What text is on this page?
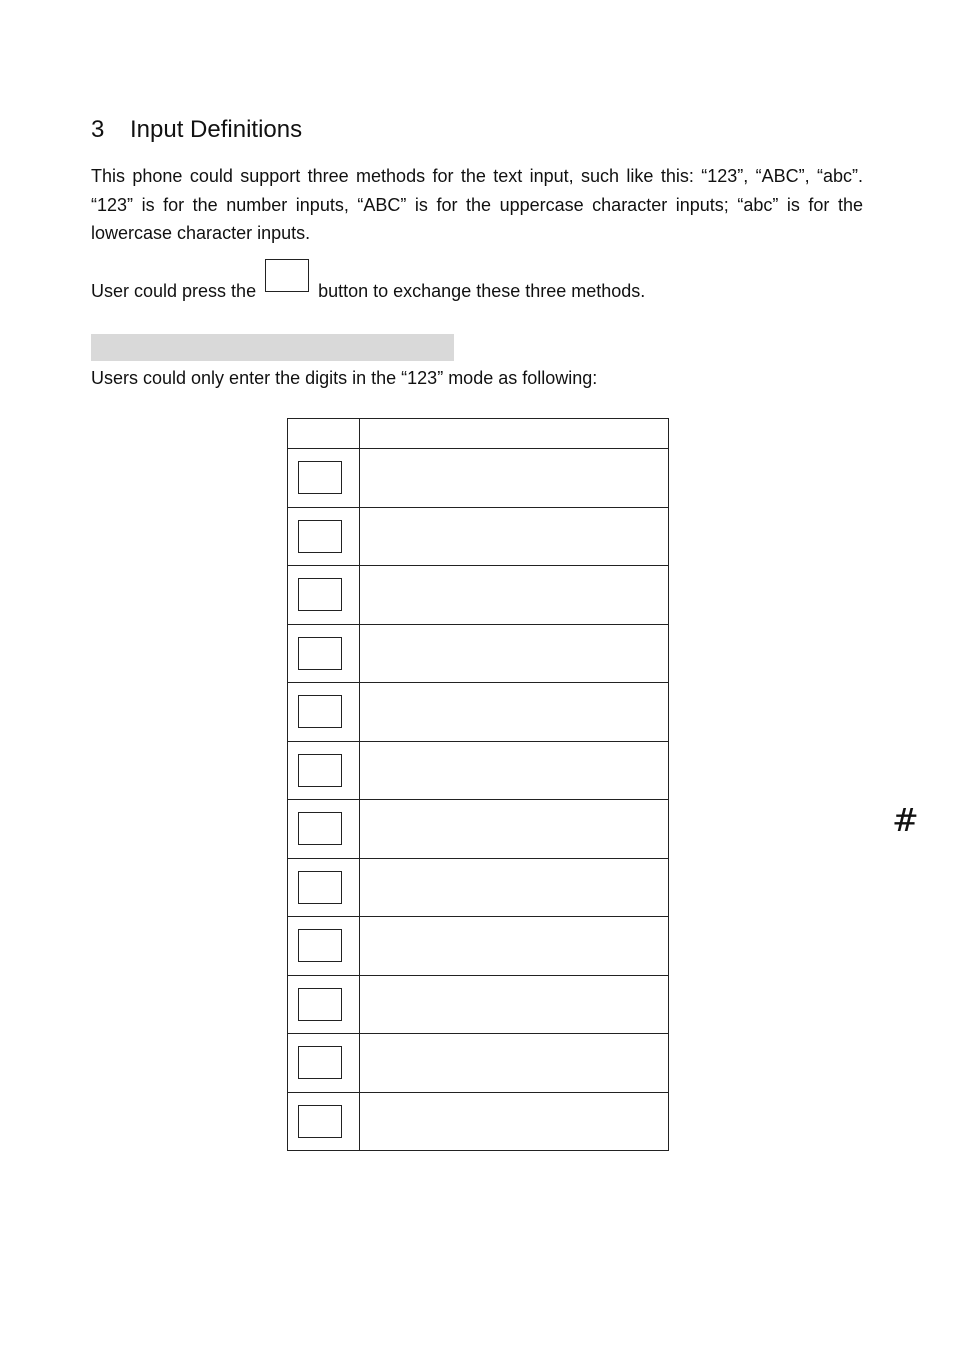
3 Input Definitions
This phone could support three methods for the text input, such like this: “123”, “ABC”, “abc”. “123” is for the number inputs, “ABC” is for the uppercase character inputs; “abc” is for the lowercase character inputs.
User could press the	button to exchange these three methods.
Users could only enter the digits in the “123” mode as following:

#
